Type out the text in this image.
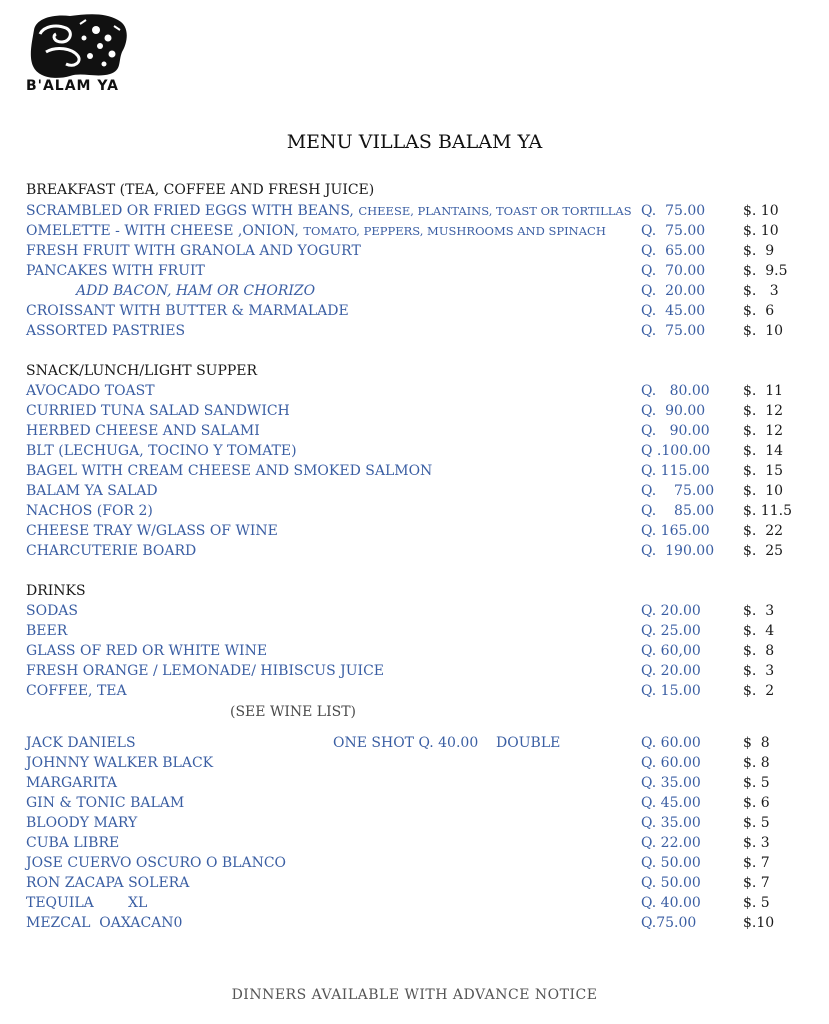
B'ALAM YA
MENU VILLAS BALAM YA
BREAKFAST (TEA, COFFEE AND FRESH JUICE)
SCRAMBLED OR FRIED EGGS WITH BEANS, CHEESE, PLANTAINS, TOAST OR TORTILLAS Q.  75.00	$. 10
OMELETTE - WITH CHEESE ,ONION, TOMATO, PEPPERS, MUSHROOMS AND SPINACH	Q.  75.00	$. 10
FRESH FRUIT WITH GRANOLA AND YOGURT	Q.  65.00	$.  9
PANCAKES WITH FRUIT	Q.  70.00	$.  9.5
ADD BACON, HAM OR CHORIZO	Q.  20.00	$.   3
CROISSANT WITH BUTTER & MARMALADE	Q.  45.00	$.  6
ASSORTED PASTRIES	Q.  75.00	$.  10
SNACK/LUNCH/LIGHT SUPPER
AVOCADO TOAST	Q.   80.00 $.  11
CURRIED TUNA SALAD SANDWICH	Q.  90.00	$.  12
HERBED CHEESE AND SALAMI	Q.   90.00 $.  12
BLT (LECHUGA, TOCINO Y TOMATE)	Q .100.00 $.  14
BAGEL WITH CREAM CHEESE AND SMOKED SALMON	Q. 115.00 $.  15
BALAM YA SALAD	Q.    75.00 $.  10
NACHOS (FOR 2)	Q.    85.00 $. 11.5
CHEESE TRAY W/GLASS OF WINE	Q. 165.00 $.  22
CHARCUTERIE BOARD	Q.  190.00 $.  25
DRINKS
SODAS	Q. 20.00	$.  3
BEER	Q. 25.00	$.  4
GLASS OF RED OR WHITE WINE	Q. 60,00	$.  8
FRESH ORANGE / LEMONADE/ HIBISCUS JUICE	Q. 20.00	$.  3
COFFEE, TEA	Q. 15.00	$.  2
(SEE WINE LIST)
JACK DANIELS	ONE SHOT Q. 40.00    DOUBLE	Q. 60.00	$  8
JOHNNY WALKER BLACK	Q. 60.00	$. 8
MARGARITA	Q. 35.00	$. 5
GIN & TONIC BALAM	Q. 45.00	$. 6
BLOODY MARY	Q. 35.00	$. 5
CUBA LIBRE	Q. 22.00	$. 3
JOSE CUERVO OSCURO O BLANCO	Q. 50.00	$. 7
RON ZACAPA SOLERA	Q. 50.00	$. 7
TEQUILA XL	Q. 40.00	$. 5
MEZCAL  OAXACAN0	Q.75.00	$.10
DINNERS AVAILABLE WITH ADVANCE NOTICE
